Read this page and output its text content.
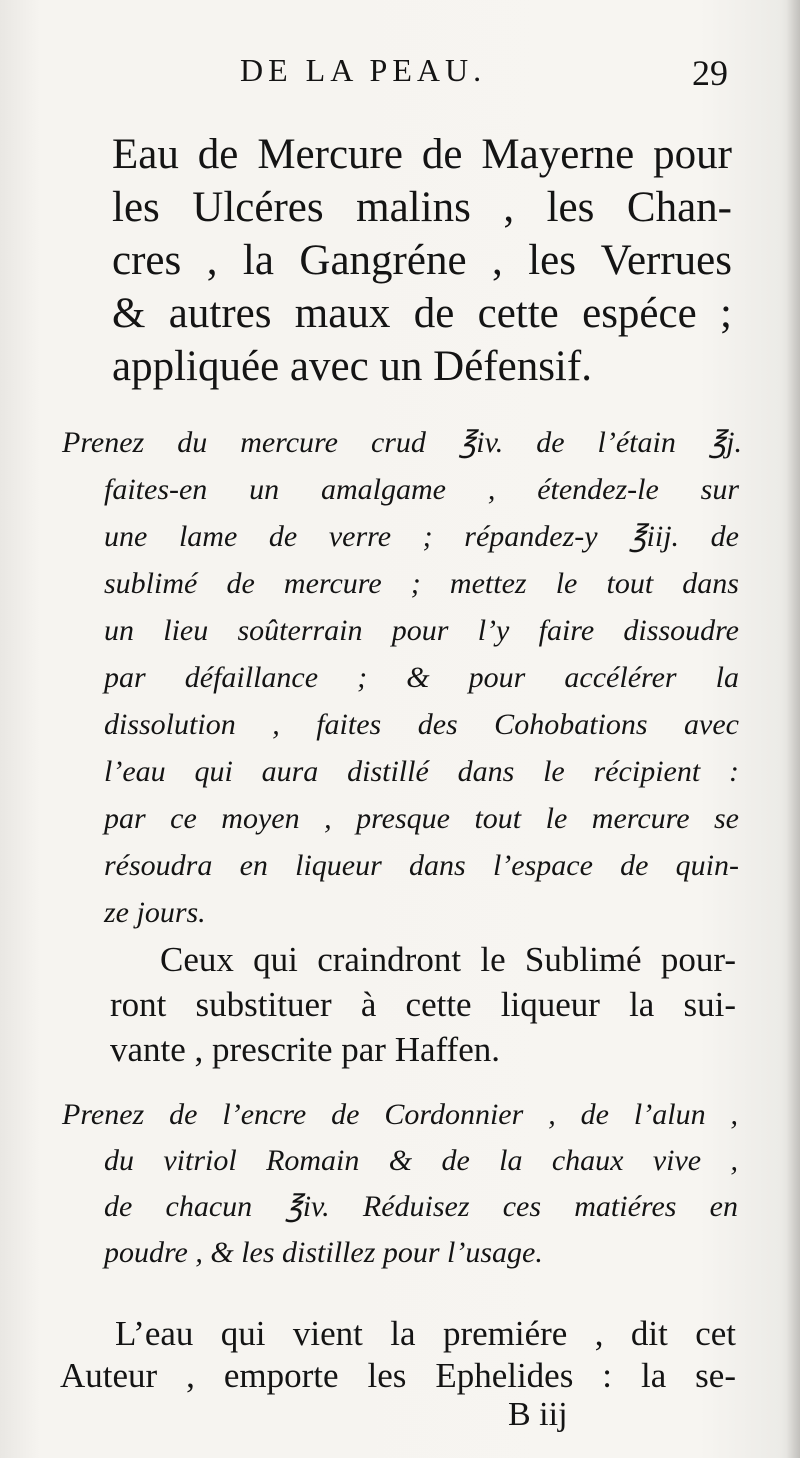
DE LA PEAU.	29
Eau de Mercure de Mayerne pour
les Ulcéres malins , les Chan-
cres , la Gangréne , les Verrues
& autres maux de cette espéce ;
appliquée avec un Défensif.
Prenez du mercure crud ℥iv. de l’étain ℥j.
faites-en un amalgame , étendez-le sur
une lame de verre ; répandez-y ℥iij. de
sublimé de mercure ; mettez le tout dans
un lieu soûterrain pour l’y faire dissoudre
par défaillance ; & pour accélérer la
dissolution , faites des Cohobations avec
l’eau qui aura distillé dans le récipient :
par ce moyen , presque tout le mercure se
résoudra en liqueur dans l’espace de quin-
ze jours.
Ceux qui craindront le Sublimé pour-
ront substituer à cette liqueur la sui-
vante , prescrite par Haffen.
Prenez de l’encre de Cordonnier , de l’alun ,
du vitriol Romain & de la chaux vive ,
de chacun ℥iv. Réduisez ces matiéres en
poudre , & les distillez pour l’usage.
L’eau qui vient la premiére , dit cet
Auteur , emporte les Ephelides : la se-
B iij
